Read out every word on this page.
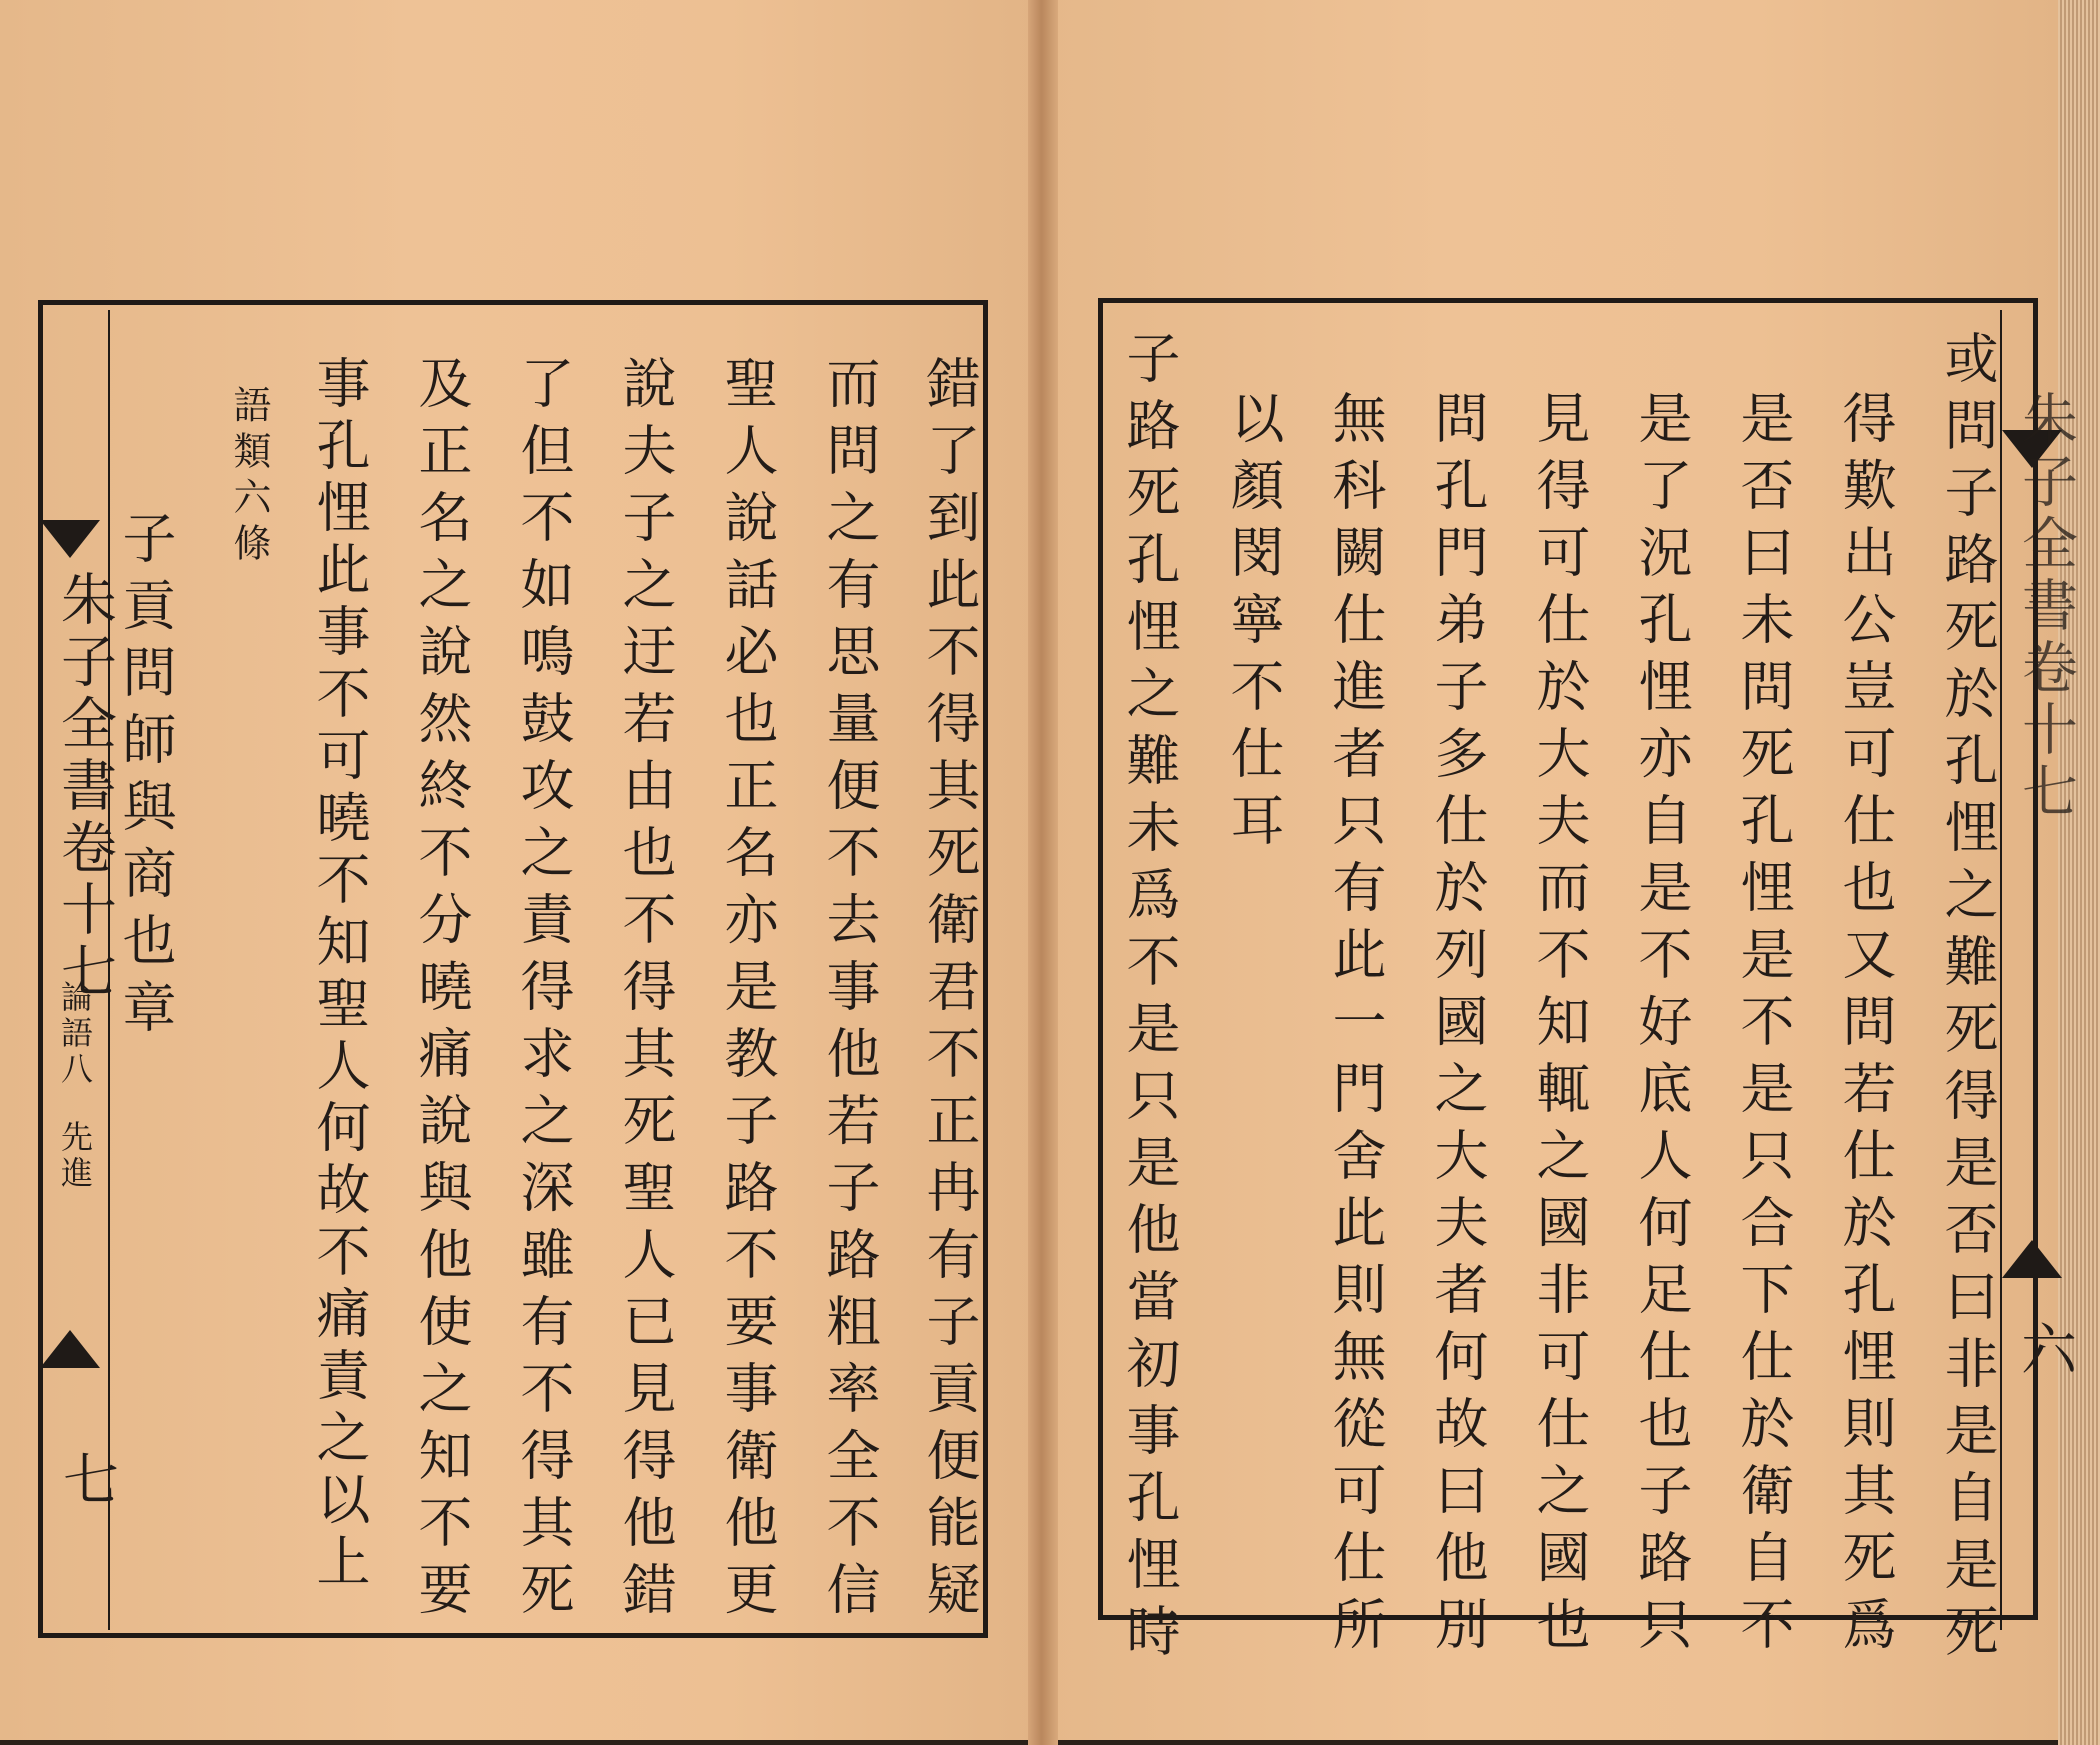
朱子全書卷十七
論語八
先進
七	錯了到此不得其死衛君不正冉有子貢便能疑
而問之有思量便不去事他若子路粗率全不信
聖人說話必也正名亦是教子路不要事衛他更
說夫子之迂若由也不得其死聖人已見得他錯
了但不如鳴鼓攻之責得求之深雖有不得其死
及正名之說然終不分曉痛說與他使之知不要
事孔悝此事不可曉不知聖人何故不痛責之以上
語類六條
子貢問師與商也章	朱子全書卷十七
六
或問子路死於孔悝之難死得是否曰非是自是死
得歎出公豈可仕也又問若仕於孔悝則其死爲
是否曰未問死孔悝是不是只合下仕於衛自不
是了況孔悝亦自是不好底人何足仕也子路只
見得可仕於大夫而不知輒之國非可仕之國也
問孔門弟子多仕於列國之大夫者何故曰他別
無科闕仕進者只有此一門舍此則無從可仕所
以顏閔寧不仕耳
子路死孔悝之難未爲不是只是他當初事孔悝時
